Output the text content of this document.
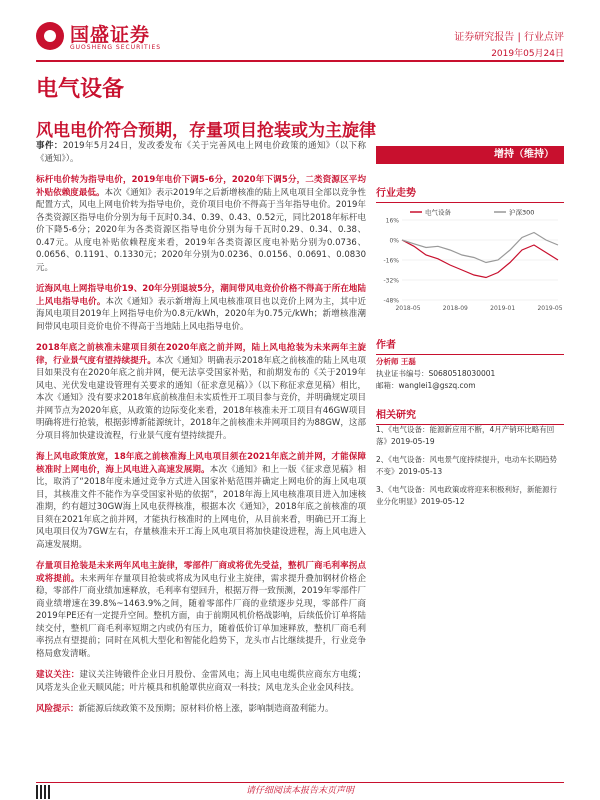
国盛证券
GUOSHENG SECURITIES
证券研究报告 | 行业点评
2019年05月24日
电气设备
风电电价符合预期，存量项目抢装或为主旋律

事件：2019年5月24日，发改委发布《关于完善风电上网电价政策的通知》（以下称《通知》）。

标杆电价转为指导电价，2019年电价下调5-6分，2020年下调5分，二类资源区平均补贴依赖度最低。本次《通知》表示2019年之后新增核准的陆上风电项目全部以竞争性配置方式，风电上网电价转为指导电价，竞价项目电价不得高于当年指导电价。2019年各类资源区指导电价分别为每千瓦时0.34、0.39、0.43、0.52元，同比2018年标杆电价下降5-6分；2020年为各类资源区指导电价分别为每千瓦时0.29、0.34、0.38、0.47元。从度电补贴依赖程度来看，2019年各类资源区度电补贴分别为0.0736、0.0656、0.1191、0.1330元；2020年分别为0.0236、0.0156、0.0691、0.0830元。

近海风电上网指导电价19、20年分别退坡5分，潮间带风电竞价价格不得高于所在地陆上风电指导电价。本次《通知》表示新增海上风电核准项目也以竞价上网为主，其中近海风电项目2019年上网指导电价为0.8元/kWh，2020年为0.75元/kWh；新增核准潮间带风电项目竞价电价不得高于当地陆上风电指导电价。

2018年底之前核准未建项目须在2020年底之前并网，陆上风电抢装为未来两年主旋律，行业景气度有望持续提升。本次《通知》明确表示2018年底之前核准的陆上风电项目如果没有在2020年底之前并网，便无法享受国家补贴，和前期发布的《关于2019年风电、光伏发电建设管理有关要求的通知（征求意见稿）》（以下称征求意见稿）相比，本次《通知》没有要求2018年底前核准但未实质性开工项目参与竞价，并明确规定项目并网节点为2020年底，从政策的边际变化来看，2018年核准未开工项目有46GW项目明确将进行抢装，根据彭博新能源统计，2018年之前核准未并网项目约为88GW，这部分项目将加快建设流程，行业景气度有望持续提升。

海上风电政策放宽，18年底之前核准海上风电项目须在2021年底之前并网，才能保障核准时上网电价，海上风电进入高速发展期。本次《通知》和上一版《征求意见稿》相比，取消了“2018年度未通过竞争方式进入国家补贴范围并确定上网电价的海上风电项目，其核准文件不能作为享受国家补贴的依据”，2018年海上风电核准项目进入加速核准期，约有超过30GW海上风电获得核准，根据本次《通知》，2018年底之前核准的项目须在2021年底之前并网，才能执行核准时的上网电价，从目前来看，明确已开工海上风电项目仅为7GW左右，存量核准未开工海上风电项目将加快建设进程，海上风电进入高速发展期。

存量项目抢装是未来两年风电主旋律，零部件厂商或将优先受益，整机厂商毛利率拐点或将提前。未来两年存量项目抢装或将成为风电行业主旋律，需求提升叠加钢材价格企稳，零部件厂商业绩加速释放，毛利率有望回升，根据万得一致预测，2019年零部件厂商业绩增速在39.8%~1463.9%之间，随着零部件厂商的业绩逐步兑现，零部件厂商2019年PE还有一定提升空间。整机方面，由于前期风机价格战影响，后续低价订单将陆续交付，整机厂商毛利率短期之内或仍有压力，随着低价订单加速释放，整机厂商毛利率拐点有望提前；同时在风机大型化和智能化趋势下，龙头市占比继续提升，行业竞争格局愈发清晰。

建议关注：建议关注铸锻件企业日月股份、金雷风电；海上风电电缆供应商东方电缆；风塔龙头企业天顺风能；叶片模具和机舱罩供应商双一科技；风电龙头企业金风科技。

风险提示：新能源后续政策不及预期；原材料价格上涨，影响制造商盈利能力。

增持（维持）
行业走势
16%
0%
-16%
-32%
-48%
2018-05	2018-09	2019-01	2019-05
电气设备	沪深300
作者
分析师 王磊
执业证书编号：S0680518030001
邮箱：wanglei1@gszq.com
相关研究
1、《电气设备：能源新应用不断，4月产销环比略有回落》2019-05-19
2、《电气设备：风电景气度持续提升，电动车长期趋势不变》2019-05-13
3、《电气设备：风电政策或将迎来积极利好，新能源行业分化明显》2019-05-12
请仔细阅读本报告末页声明
